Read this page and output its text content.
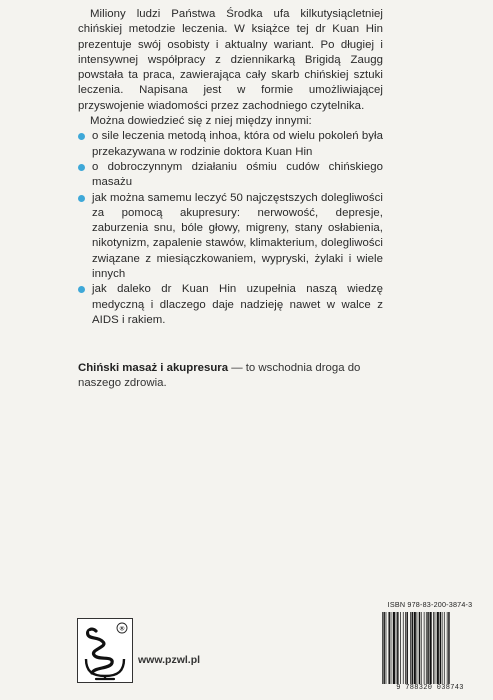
Miliony ludzi Państwa Środka ufa kilkutysiącletniej chińskiej metodzie leczenia. W książce tej dr Kuan Hin prezentuje swój osobisty i aktualny wariant. Po długiej i intensywnej współpracy z dziennikarką Brigidą Zaugg powstała ta praca, zawierająca cały skarb chińskiej sztuki leczenia. Napisana jest w formie umożliwiającej przyswojenie wiadomości przez zachodniego czytelnika.

Można dowiedzieć się z niej między innymi:

o sile leczenia metodą inhoa, która od wielu pokoleń była przekazywana w rodzinie doktora Kuan Hin
o dobroczynnym działaniu ośmiu cudów chińskiego masażu
jak można samemu leczyć 50 najczęstszych dolegliwości za pomocą akupresury: nerwowość, depresje, zaburzenia snu, bóle głowy, migreny, stany osłabienia, nikotynizm, zapalenie stawów, klimakterium, dolegliwości związane z miesiączkowaniem, wypryski, żylaki i wiele innych
jak daleko dr Kuan Hin uzupełnia naszą wiedzę medyczną i dlaczego daje nadzieję nawet w walce z AIDS i rakiem.
Chiński masaż i akupresura — to wschodnia droga do naszego zdrowia.
ISBN 978-83-200-3874-3
9 788320 038743
®
www.pzwl.pl
